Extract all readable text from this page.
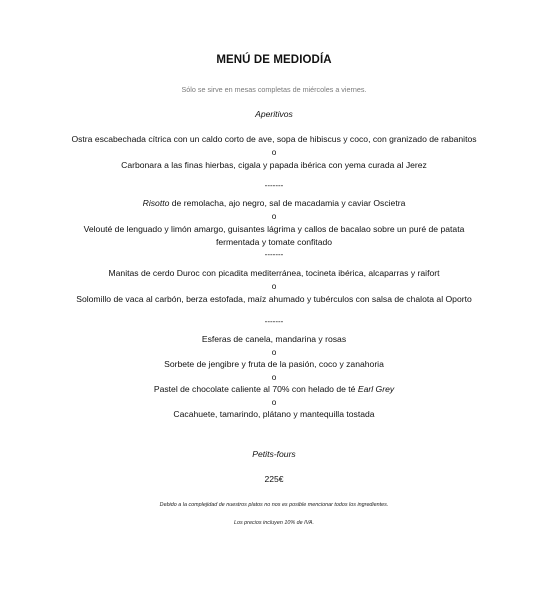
MENÚ DE MEDIODÍA
Sólo se sirve en mesas completas de miércoles a viernes.
Aperitivos
Ostra escabechada cítrica con un caldo corto de ave, sopa de hibiscus y coco, con granizado de rabanitos
o
Carbonara a las finas hierbas, cigala y papada ibérica con yema curada al Jerez
-------
Risotto de remolacha, ajo negro, sal de macadamia y caviar Oscietra
o
Velouté de lenguado y limón amargo, guisantes lágrima y callos de bacalao sobre un puré de patata
fermentada y tomate confitado
-------
Manitas de cerdo Duroc con picadita mediterránea, tocineta ibérica, alcaparras y raifort
o
Solomillo de vaca al carbón, berza estofada, maíz ahumado y tubérculos con salsa de chalota al Oporto
-------
Esferas de canela, mandarina y rosas
o
Sorbete de jengibre y fruta de la pasión, coco y zanahoria
o
Pastel de chocolate caliente al 70% con helado de té Earl Grey
o
Cacahuete, tamarindo, plátano y mantequilla tostada
Petits-fours
225€
Debido a la complejidad de nuestros platos no nos es posible mencionar todos los ingredientes.
Los precios incluyen 10% de IVA.
